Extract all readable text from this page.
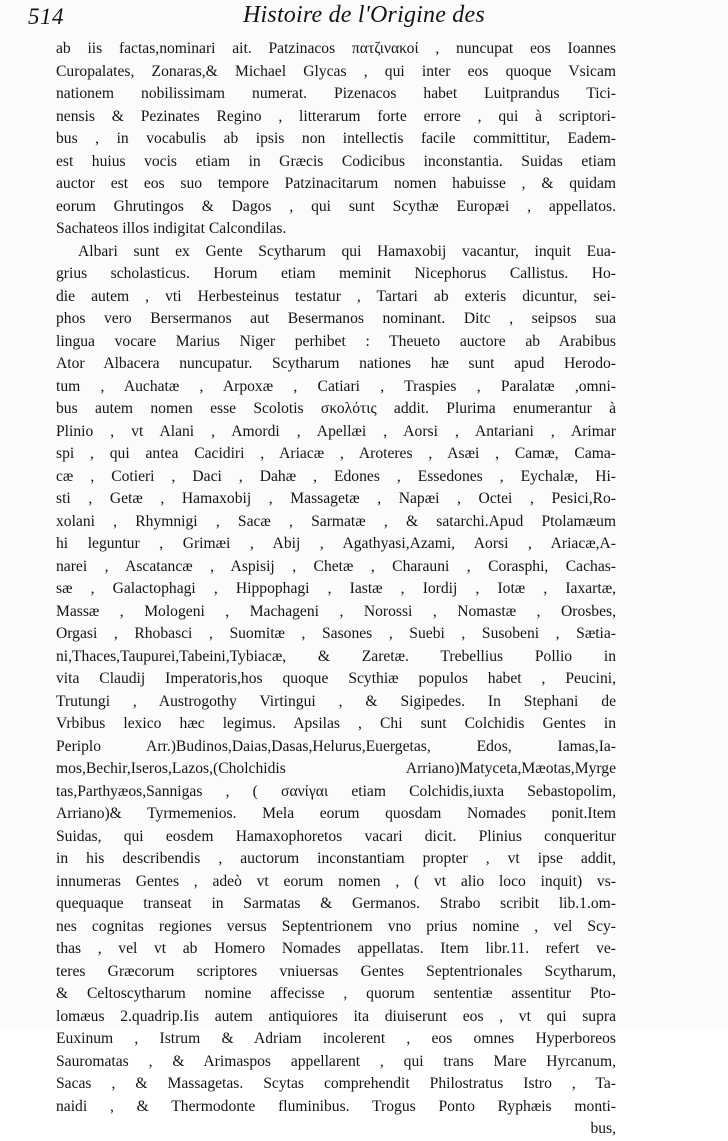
514	Histoire de l'Origine des
ab iis factas,nominari ait. Patzinacos πατζινακοί , nuncupat eos Ioannes
Curopalates, Zonaras,& Michael Glycas , qui inter eos quoque Vsicam
nationem nobilissimam numerat. Pizenacos habet Luitprandus Tici-
nensis & Pezinates Regino , litterarum forte errore , qui à scriptori-
bus , in vocabulis ab ipsis non intellectis facile committitur, Eadem-
est huius vocis etiam in Græcis Codicibus inconstantia. Suidas etiam
auctor est eos suo tempore Patzinacitarum nomen habuisse , & quidam
eorum Ghrutingos & Dagos , qui sunt Scythæ Europæi , appellatos.
Sachateos illos indigitat Calcondilas.
Albari sunt ex Gente Scytharum qui Hamaxobij vacantur, inquit Eua-
grius scholasticus. Horum etiam meminit Nicephorus Callistus. Ho-
die autem , vti Herbesteinus testatur , Tartari ab exteris dicuntur, sei-
phos vero Bersermanos aut Besermanos nominant. Ditc , seipsos sua
lingua vocare Marius Niger perhibet : Theueto auctore ab Arabibus
Ator Albacera nuncupatur. Scytharum nationes hæ sunt apud Herodo-
tum , Auchatæ , Arpoxæ , Catiari , Traspies , Paralatæ ,omni-
bus autem nomen esse Scolotis σκολότις addit. Plurima enumerantur à
Plinio , vt Alani , Amordi , Apellæi , Aorsi , Antariani , Arimar
spi , qui antea Cacidiri , Ariacæ , Aroteres , Asæi , Camæ, Cama-
cæ , Cotieri , Daci , Dahæ , Edones , Essedones , Eychalæ, Hi-
sti , Getæ , Hamaxobij , Massagetæ , Napæi , Octei , Pesici,Ro-
xolani , Rhymnigi , Sacæ , Sarmatæ , & satarchi.Apud Ptolamæum
hi leguntur , Grimæi , Abij , Agathyasi,Azami, Aorsi , Ariacæ,A-
narei , Ascatancæ , Aspisij , Chetæ , Charauni , Corasphi, Cachas-
sæ , Galactophagi , Hippophagi , Iastæ , Iordij , Iotæ , Iaxartæ,
Massæ , Mologeni , Machageni , Norossi , Nomastæ , Orosbes,
Orgasi , Rhobasci , Suomitæ , Sasones , Suebi , Susobeni , Sætia-
ni,Thaces,Taupurei,Tabeini,Tybiacæ, & Zaretæ. Trebellius Pollio in
vita Claudij Imperatoris,hos quoque Scythiæ populos habet , Peucini,
Trutungi , Austrogothy Virtingui , & Sigipedes. In Stephani de
Vrbibus lexico hæc legimus. Apsilas , Chi sunt Colchidis Gentes in
Periplo Arr.)Budinos,Daias,Dasas,Helurus,Euergetas, Edos, Iamas,Ia-
mos,Bechir,Iseros,Lazos,(Cholchidis Arriano)Matyceta,Mæotas,Myrge
tas,Parthyæos,Sannigas , ( σανίγαι etiam Colchidis,iuxta Sebastopolim,
Arriano)& Tyrmemenios. Mela eorum quosdam Nomades ponit.Item
Suidas, qui eosdem Hamaxophoretos vacari dicit. Plinius conqueritur
in his describendis , auctorum inconstantiam propter , vt ipse addit,
innumeras Gentes , adeò vt eorum nomen , ( vt alio loco inquit) vs-
quequaque transeat in Sarmatas & Germanos. Strabo scribit lib.1.om-
nes cognitas regiones versus Septentrionem vno prius nomine , vel Scy-
thas , vel vt ab Homero Nomades appellatas. Item libr.11. refert ve-
teres Græcorum scriptores vniuersas Gentes Septentrionales Scytharum,
& Celtoscytharum nomine affecisse , quorum sententiæ assentitur Pto-
lomæus 2.quadrip.Iis autem antiquiores ita diuiserunt eos , vt qui supra
Euxinum , Istrum & Adriam incolerent , eos omnes Hyperboreos
Sauromatas , & Arimaspos appellarent , qui trans Mare Hyrcanum,
Sacas , & Massagetas. Scytas comprehendit Philostratus Istro , Ta-
naidi , & Thermodonte fluminibus. Trogus Ponto Ryphæis monti-
bus,
